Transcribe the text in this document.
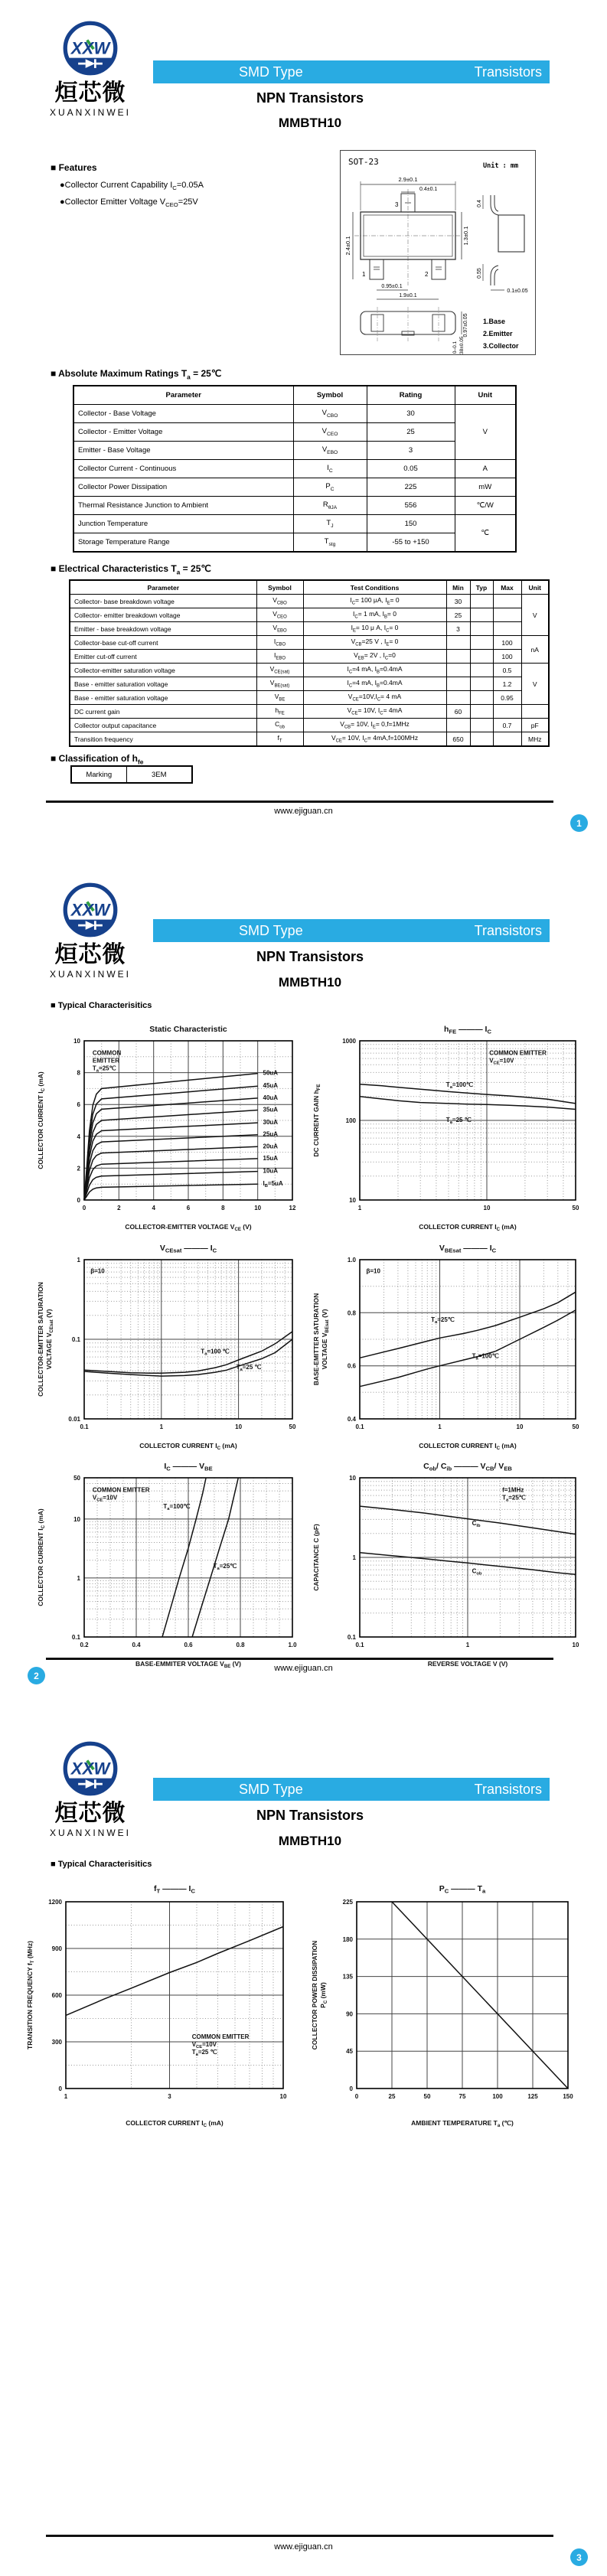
XXW
烜芯微
XUANXINWEI
SMD Type	Transistors
NPN Transistors
MMBTH10
■ Features
●Collector Current Capability $I_C=0.05A$
●Collector Emitter Voltage $V_{CEO}=25V$
SOT-23	Unit : mm
3
1	2
2.9±0.1
0.4±0.1
2.4±0.1
1.3±0.1
0.95±0.1
1.9±0.1
0.4
0.55
0.1±0.05
0.97±0.05
0–0.1 0.38±0.05
1.Base
2.Emitter
3.Collector
■ Absolute Maximum Ratings $T_a$ = 25℃
Parameter	Symbol	Rating	Unit
Collector - Base Voltage	$V_{CBO}$	30	V
Collector - Emitter Voltage	$V_{CEO}$	25	
Emitter - Base Voltage	$V_{EBO}$	3	
Collector Current - Continuous	$I_C$	0.05	A
Collector Power Dissipation	$P_C$	225	mW
Thermal Resistance Junction to Ambient	$R_{\theta JA}$	556	℃/W
Junction Temperature	$T_J$	150	℃
Storage Temperature Range	$T_{stg}$	-55 to +150	
■ Electrical Characteristics $T_a$ = 25℃
Parameter	Symbol	Test Conditions	Min	Typ	Max	Unit
Collector- base breakdown voltage	$V_{CBO}$	$I_C= 100$ μA, $I_E= 0$	30			V
Collector- emitter breakdown voltage	$V_{CEO}$	$I_C= 1$ mA, $I_B= 0$	25			
Emitter - base breakdown voltage	$V_{EBO}$	$I_E= 10$ μ A, $I_C= 0$	3			
Collector-base cut-off current	$I_{CBO}$	$V_{CB}=25$ V , $I_E= 0$			100	nA
Emitter cut-off current	$I_{EBO}$	$V_{EB}= 2V$ , $I_C=0$			100	
Collector-emitter saturation voltage	$V_{CE(sat)}$	$I_C=4$ mA, $I_B=0.4mA$			0.5	V
Base - emitter saturation voltage	$V_{BE(sat)}$	$I_C=4$ mA, $I_B=0.4mA$			1.2	
Base - emitter saturation voltage	$V_{BE}$	$V_{CE}=10V,I_C= 4$ mA			0.95	
DC current gain	$h_{FE}$	$V_{CE}= 10V$, $I_C= 4mA$	60			
Collector output capacitance	$C_{ob}$	$V_{CB}= 10V$, $I_E= 0,f=1MHz$			0.7	pF
Transition frequency	$f_T$	$V_{CE}= 10V$, $I_C= 4mA,f=100MHz$	650			MHz
■ Classification of $h_{fe}$
Marking	3EM
www.ejiguan.cn
1
XXW
烜芯微
XUANXINWEI
SMD Type	Transistors
NPN Transistors
MMBTH10
■ Typical Characterisitics
0	2	4	6	8	10	12
0
2
4
6
8
10
Static Characteristic
COLLECTOR-EMITTER VOLTAGE $V_{CE}$ (V)
COLLECTOR CURRENT $I_C$ (mA)
COMMON
EMITTER
$T_a=25℃$
50uA
45uA
40uA
35uA
30uA
25uA
20uA
15uA
10uA
$I_B=5uA$
1	10	50
10
100
1000
$h_{FE}$ ——— $I_C$
COLLECTOR CURRENT $I_C$ (mA)
DC CURRENT GAIN $h_{FE}$
COMMON EMITTER
$V_{CE}=10V$
$T_a=100℃$
$T_a=25$ ℃
0.1	1	10	50
0.01
0.1
1
$V_{CEsat}$ ——— $I_C$
COLLECTOR CURRENT $I_C$ (mA)
COLLECTOR-EMITTER SATURATION VOLTAGE $V_{CEsat}$ (V)
β=10
$T_a=100$ ℃
$T_a=25$ ℃
0.1	1	10	50
0.4
0.6
0.8
1.0
$V_{BEsat}$ ——— $I_C$
COLLECTOR CURRENT $I_C$ (mA)
BASE-EMITTER SATURATION VOLTAGE $V_{BEsat}$ (V)
β=10
$T_a=25℃$
$T_a=100℃$
0.2	0.4	0.6	0.8	1.0
0.1
1
10
50
$I_C$ ——— $V_{BE}$
BASE-EMMITER VOLTAGE $V_{BE}$ (V)
COLLECTOR CURRENT $I_C$ (mA)
COMMON EMITTER
$V_{CE}=10V$
$T_a=100℃$
$T_a=25℃$
0.1	1	10
0.1
1
10
$C_{ob}/$ $C_{ib}$ ——— $V_{CB}/$ $V_{EB}$
REVERSE VOLTAGE V (V)
CAPACITANCE C (pF)
f=1MHz
$T_a=25℃$
$C_{ib}$
$C_{ob}$
www.ejiguan.cn
2
XXW
烜芯微
XUANXINWEI
SMD Type	Transistors
NPN Transistors
MMBTH10
■ Typical Characterisitics
1	3	10
0
300
600
900
1200
$f_T$ ——— $I_C$
COLLECTOR CURRENT $I_C$ (mA)
TRANSITION FREQUENCY $f_T$ (MHz)
COMMON EMITTER
$V_{CE}=10V$
$T_a=25$ ℃
0	25	50	75	100	125	150
0
45
90
135
180
225
$P_C$ ——— $T_a$
AMBIENT TEMPERATURE $T_a$ (℃)
COLLECTOR POWER DISSIPATION $P_C$ (mW)
www.ejiguan.cn
3
